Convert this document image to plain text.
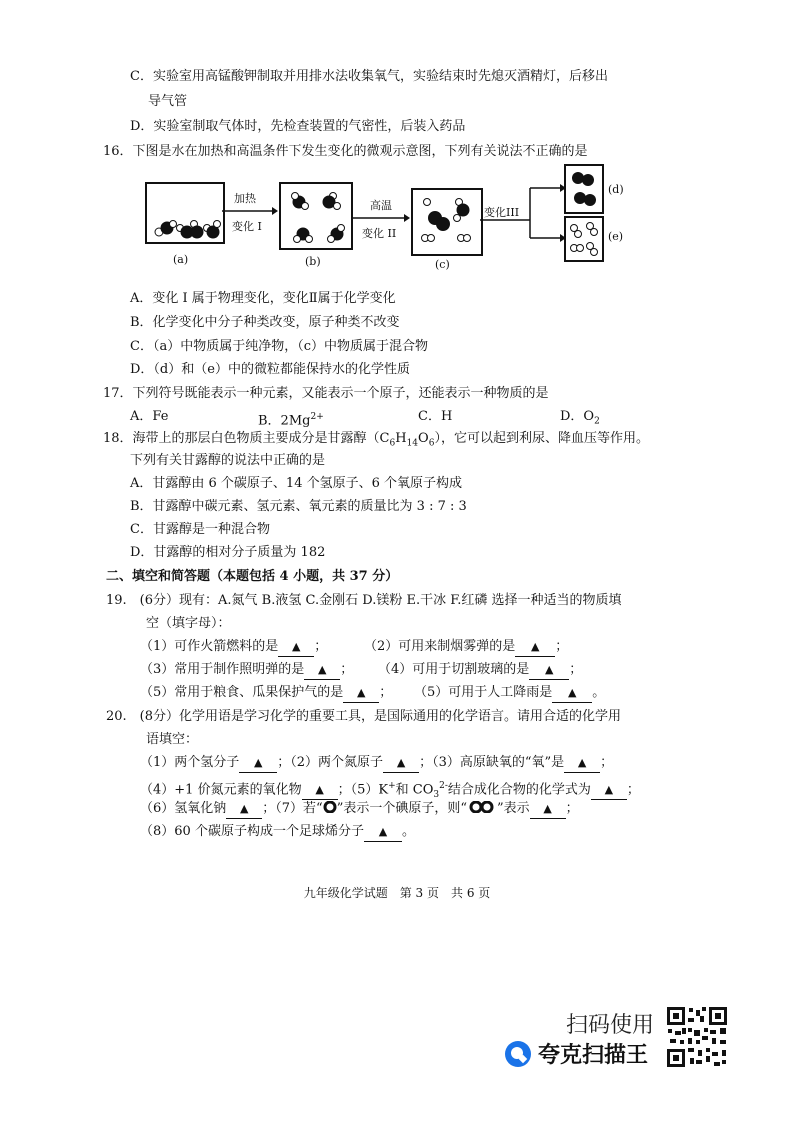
C．实验室用高锰酸钾制取并用排水法收集氧气，实验结束时先熄灭酒精灯，后移出
导气管
D．实验室制取气体时，先检查装置的气密性，后装入药品
16．下图是水在加热和高温条件下发生变化的微观示意图，下列有关说法不正确的是
(a)
加热
变化 I
(b)
高温
变化 II
(c)
变化III
(d)
(e)
A．变化 I 属于物理变化，变化Ⅱ属于化学变化
B．化学变化中分子种类改变，原子种类不改变
C．（a）中物质属于纯净物，（c）中物质属于混合物
D．（d）和（e）中的微粒都能保持水的化学性质
17．下列符号既能表示一种元素，又能表示一个原子，还能表示一种物质的是
A．Fe	B．$2Mg^{2+}$	C．H	D．$O_2$
18．海带上的那层白色物质主要成分是甘露醇$(C_6H_{14}O_6)$，它可以起到利尿、降血压等作用。
下列有关甘露醇的说法中正确的是
A．甘露醇由 6 个碳原子、14 个氢原子、6 个氧原子构成
B．甘露醇中碳元素、氢元素、氧元素的质量比为 3 : 7 : 3
C．甘露醇是一种混合物
D．甘露醇的相对分子质量为 182
二、填空和简答题（本题包括 4 小题，共 37 分）
19.　(6分）现有：A.氮气 B.液氢 C.金刚石 D.镁粉 E.干冰 F.红磷 选择一种适当的物质填
空（填字母）：
（1）可作火箭燃料的是 ▲ ；	（2）可用来制烟雾弹的是 ▲ ；
（3）常用于制作照明弹的是 ▲ ； （4）可用于切割玻璃的是 ▲ ；
（5）常用于粮食、瓜果保护气的是 ▲ ； （5）可用于人工降雨是 ▲ 。
20.　(8分）化学用语是学习化学的重要工具，是国际通用的化学语言。请用合适的化学用
语填空：
（1）两个氢分子 ▲ ；（2）两个氮原子 ▲ ；（3）高原缺氧的“氧”是 ▲ ；
（4）+1 价氮元素的氧化物 ▲ ；（5）K+和 $CO_3^{2-}$结合成化合物的化学式为 ▲ ；
（6）氢氧化钠 ▲ ；（7）若“ ”表示一个碘原子，则“ ”表示 ▲ ；
（8）60 个碳原子构成一个足球烯分子 ▲ 。
九年级化学试题　第 3 页　共 6 页
扫码使用
夸克扫描王
